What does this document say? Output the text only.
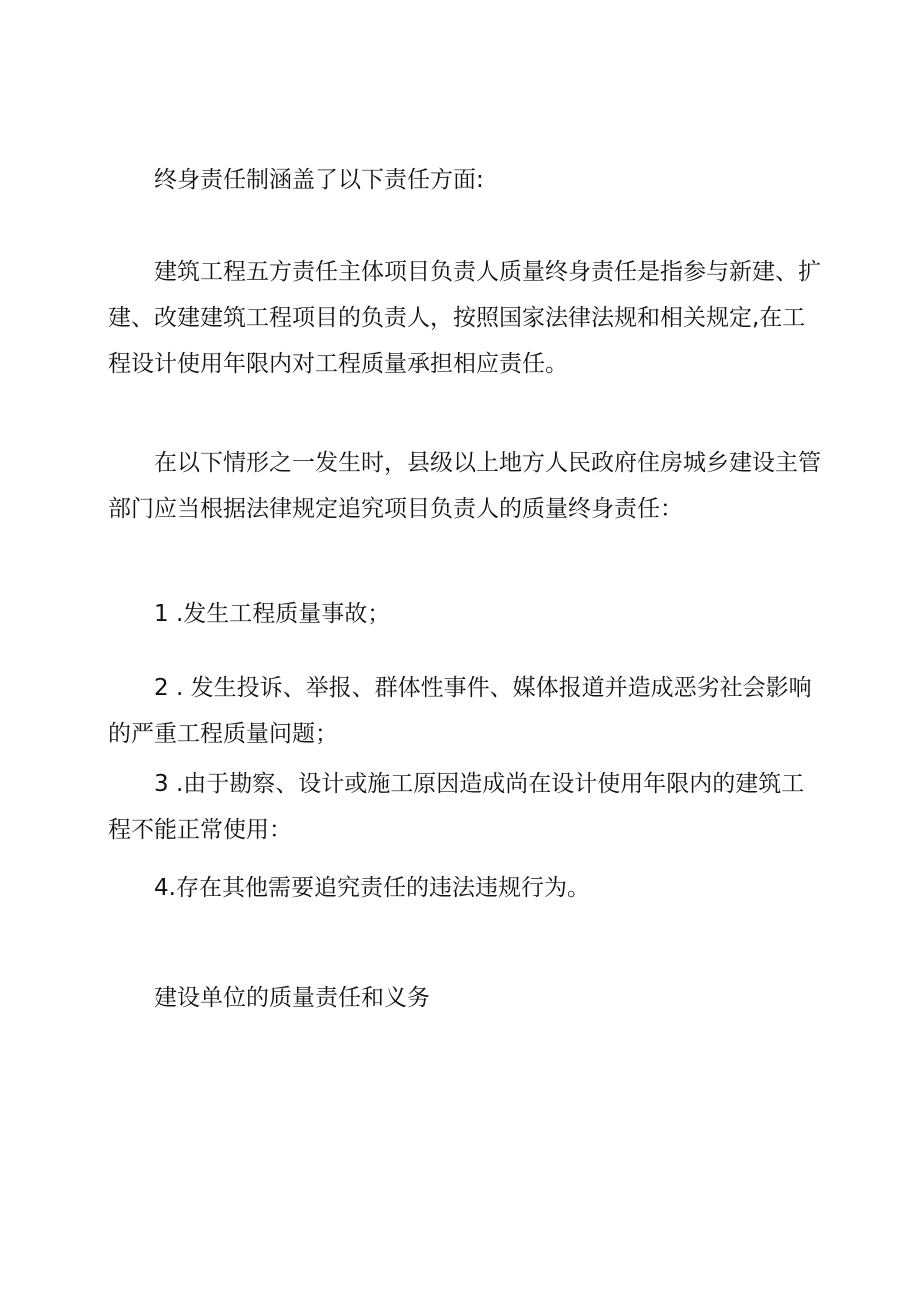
终身责任制涵盖了以下责任方面:
建筑工程五方责任主体项目负责人质量终身责任是指参与新建、扩
建、改建建筑工程项目的负责人，按照国家法律法规和相关规定,在工
程设计使用年限内对工程质量承担相应责任。
在以下情形之一发生时，县级以上地方人民政府住房城乡建设主管
部门应当根据法律规定追究项目负责人的质量终身责任：
1 .发生工程质量事故；
2 . 发生投诉、举报、群体性事件、媒体报道并造成恶劣社会影响
的严重工程质量问题；
3 .由于勘察、设计或施工原因造成尚在设计使用年限内的建筑工
程不能正常使用：
4.存在其他需要追究责任的违法违规行为。
建设单位的质量责任和义务
